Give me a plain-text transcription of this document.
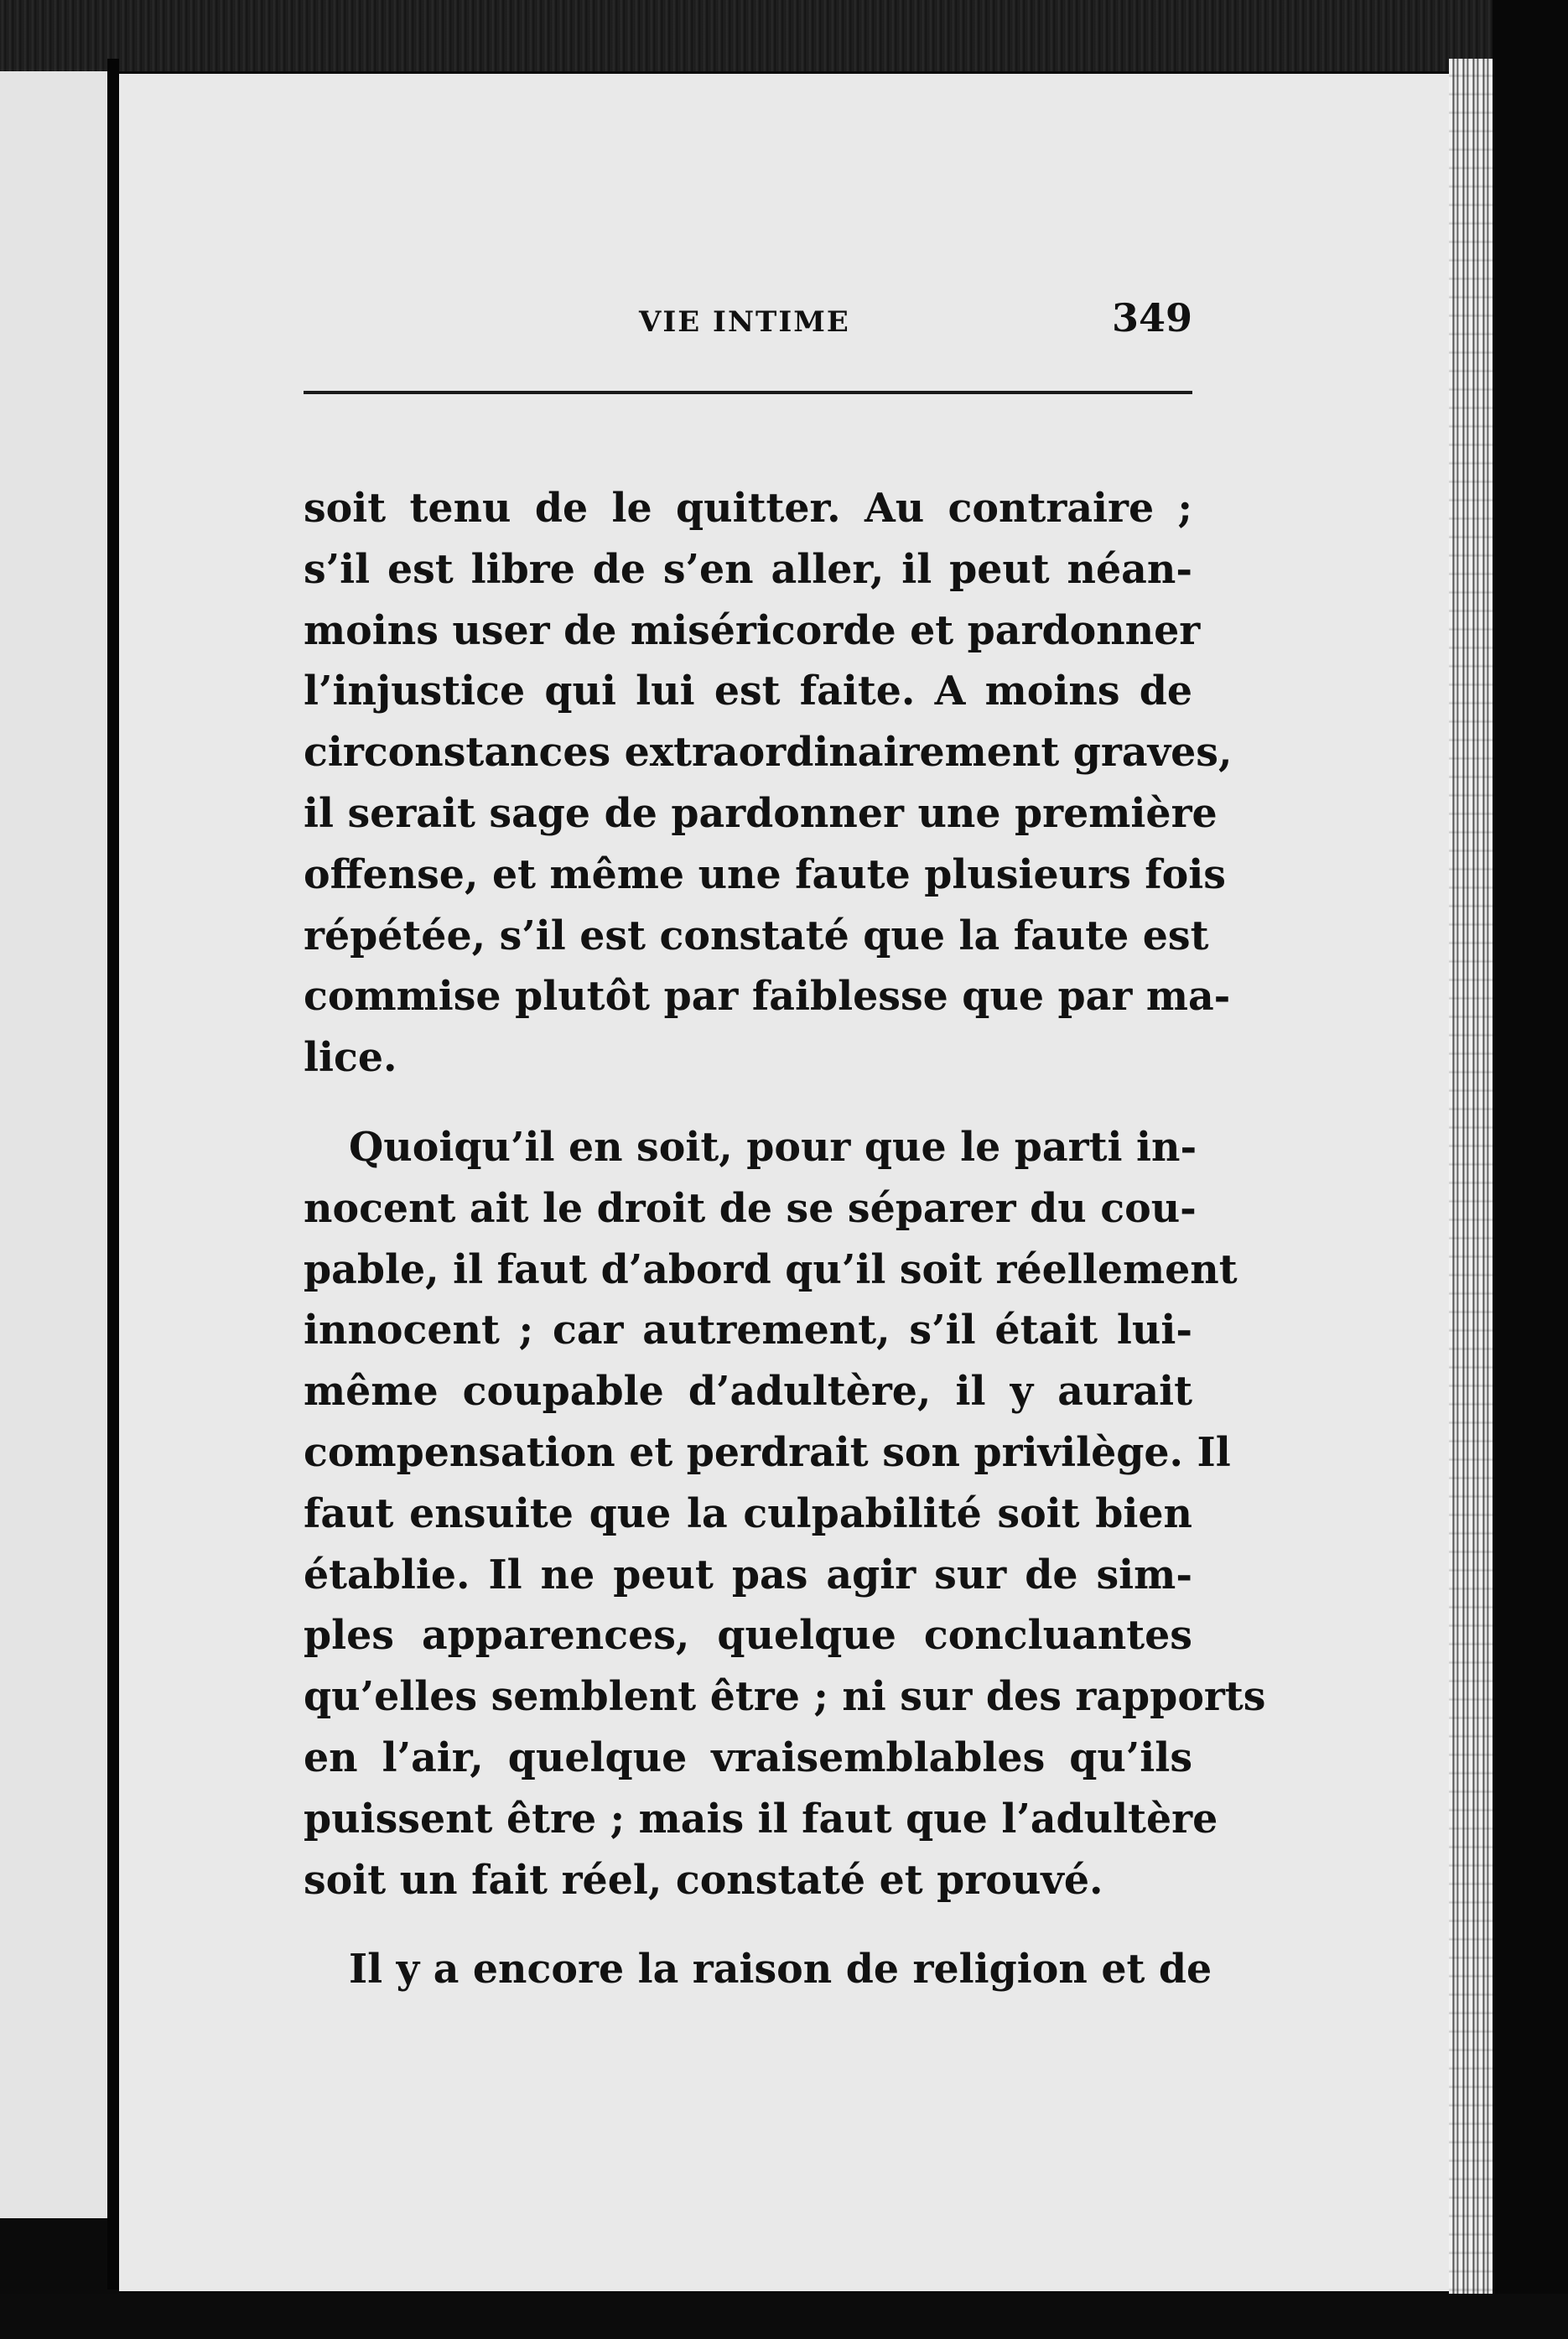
VIE INTIME	349
soit tenu de le quitter. Au contraire ;
s’il est libre de s’en aller, il peut néan-
moins user de miséricorde et pardonner
l’injustice qui lui est faite. A moins de
circonstances extraordinairement graves,
il serait sage de pardonner une première
offense, et même une faute plusieurs fois
répétée, s’il est constaté que la faute est
commise plutôt par faiblesse que par ma-
lice.
Quoiqu’il en soit, pour que le parti in-
nocent ait le droit de se séparer du cou-
pable, il faut d’abord qu’il soit réellement
innocent ; car autrement, s’il était lui-
même coupable d’adultère, il y aurait
compensation et perdrait son privilège. Il
faut ensuite que la culpabilité soit bien
établie. Il ne peut pas agir sur de sim-
ples apparences, quelque concluantes
qu’elles semblent être ; ni sur des rapports
en l’air, quelque vraisemblables qu’ils
puissent être ; mais il faut que l’adultère
soit un fait réel, constaté et prouvé.
Il y a encore la raison de religion et de
